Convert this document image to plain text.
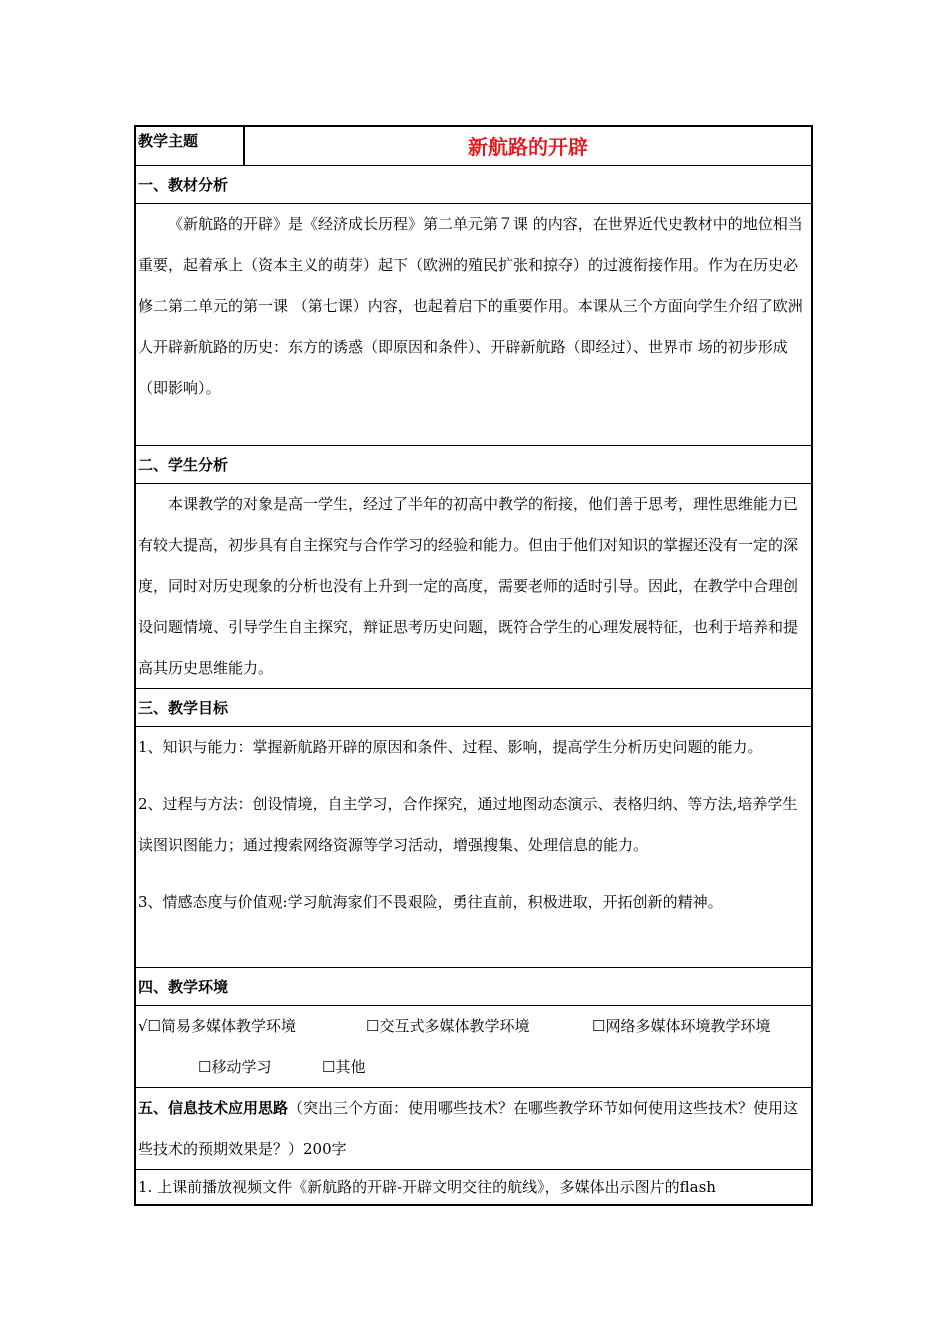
教学主题	新航路的开辟
一、教材分析
《新航路的开辟》是《经济成长历程》第二单元第７课 的内容，在世界近代史教材中的地位相当重要，起着承上（资本主义的萌芽）起下（欧洲的殖民扩张和掠夺）的过渡衔接作用。作为在历史必修二第二单元的第一课 （第七课）内容，也起着启下的重要作用。本课从三个方面向学生介绍了欧洲人开辟新航路的历史：东方的诱惑（即原因和条件）、开辟新航路（即经过）、世界市 场的初步形成（即影响）。
二、学生分析
本课教学的对象是高一学生，经过了半年的初高中教学的衔接，他们善于思考，理性思维能力已有较大提高，初步具有自主探究与合作学习的经验和能力。但由于他们对知识的掌握还没有一定的深度，同时对历史现象的分析也没有上升到一定的高度，需要老师的适时引导。因此，在教学中合理创设问题情境、引导学生自主探究，辩证思考历史问题，既符合学生的心理发展特征，也利于培养和提高其历史思维能力。
三、教学目标
1、知识与能力：掌握新航路开辟的原因和条件、过程、影响，提高学生分析历史问题的能力。
2、过程与方法：创设情境，自主学习，合作探究，通过地图动态演示、表格归纳、等方法,培养学生读图识图能力；通过搜索网络资源等学习活动，增强搜集、处理信息的能力。
3、情感态度与价值观:学习航海家们不畏艰险，勇往直前，积极进取，开拓创新的精神。
四、教学环境
√☐简易多媒体教学环境	☐交互式多媒体教学环境	☐网络多媒体环境教学环境
☐移动学习	☐其他
五、信息技术应用思路（突出三个方面：使用哪些技术？在哪些教学环节如何使用这些技术？使用这些技术的预期效果是？）200字
1. 上课前播放视频文件《新航路的开辟-开辟文明交往的航线》，多媒体出示图片的flash
